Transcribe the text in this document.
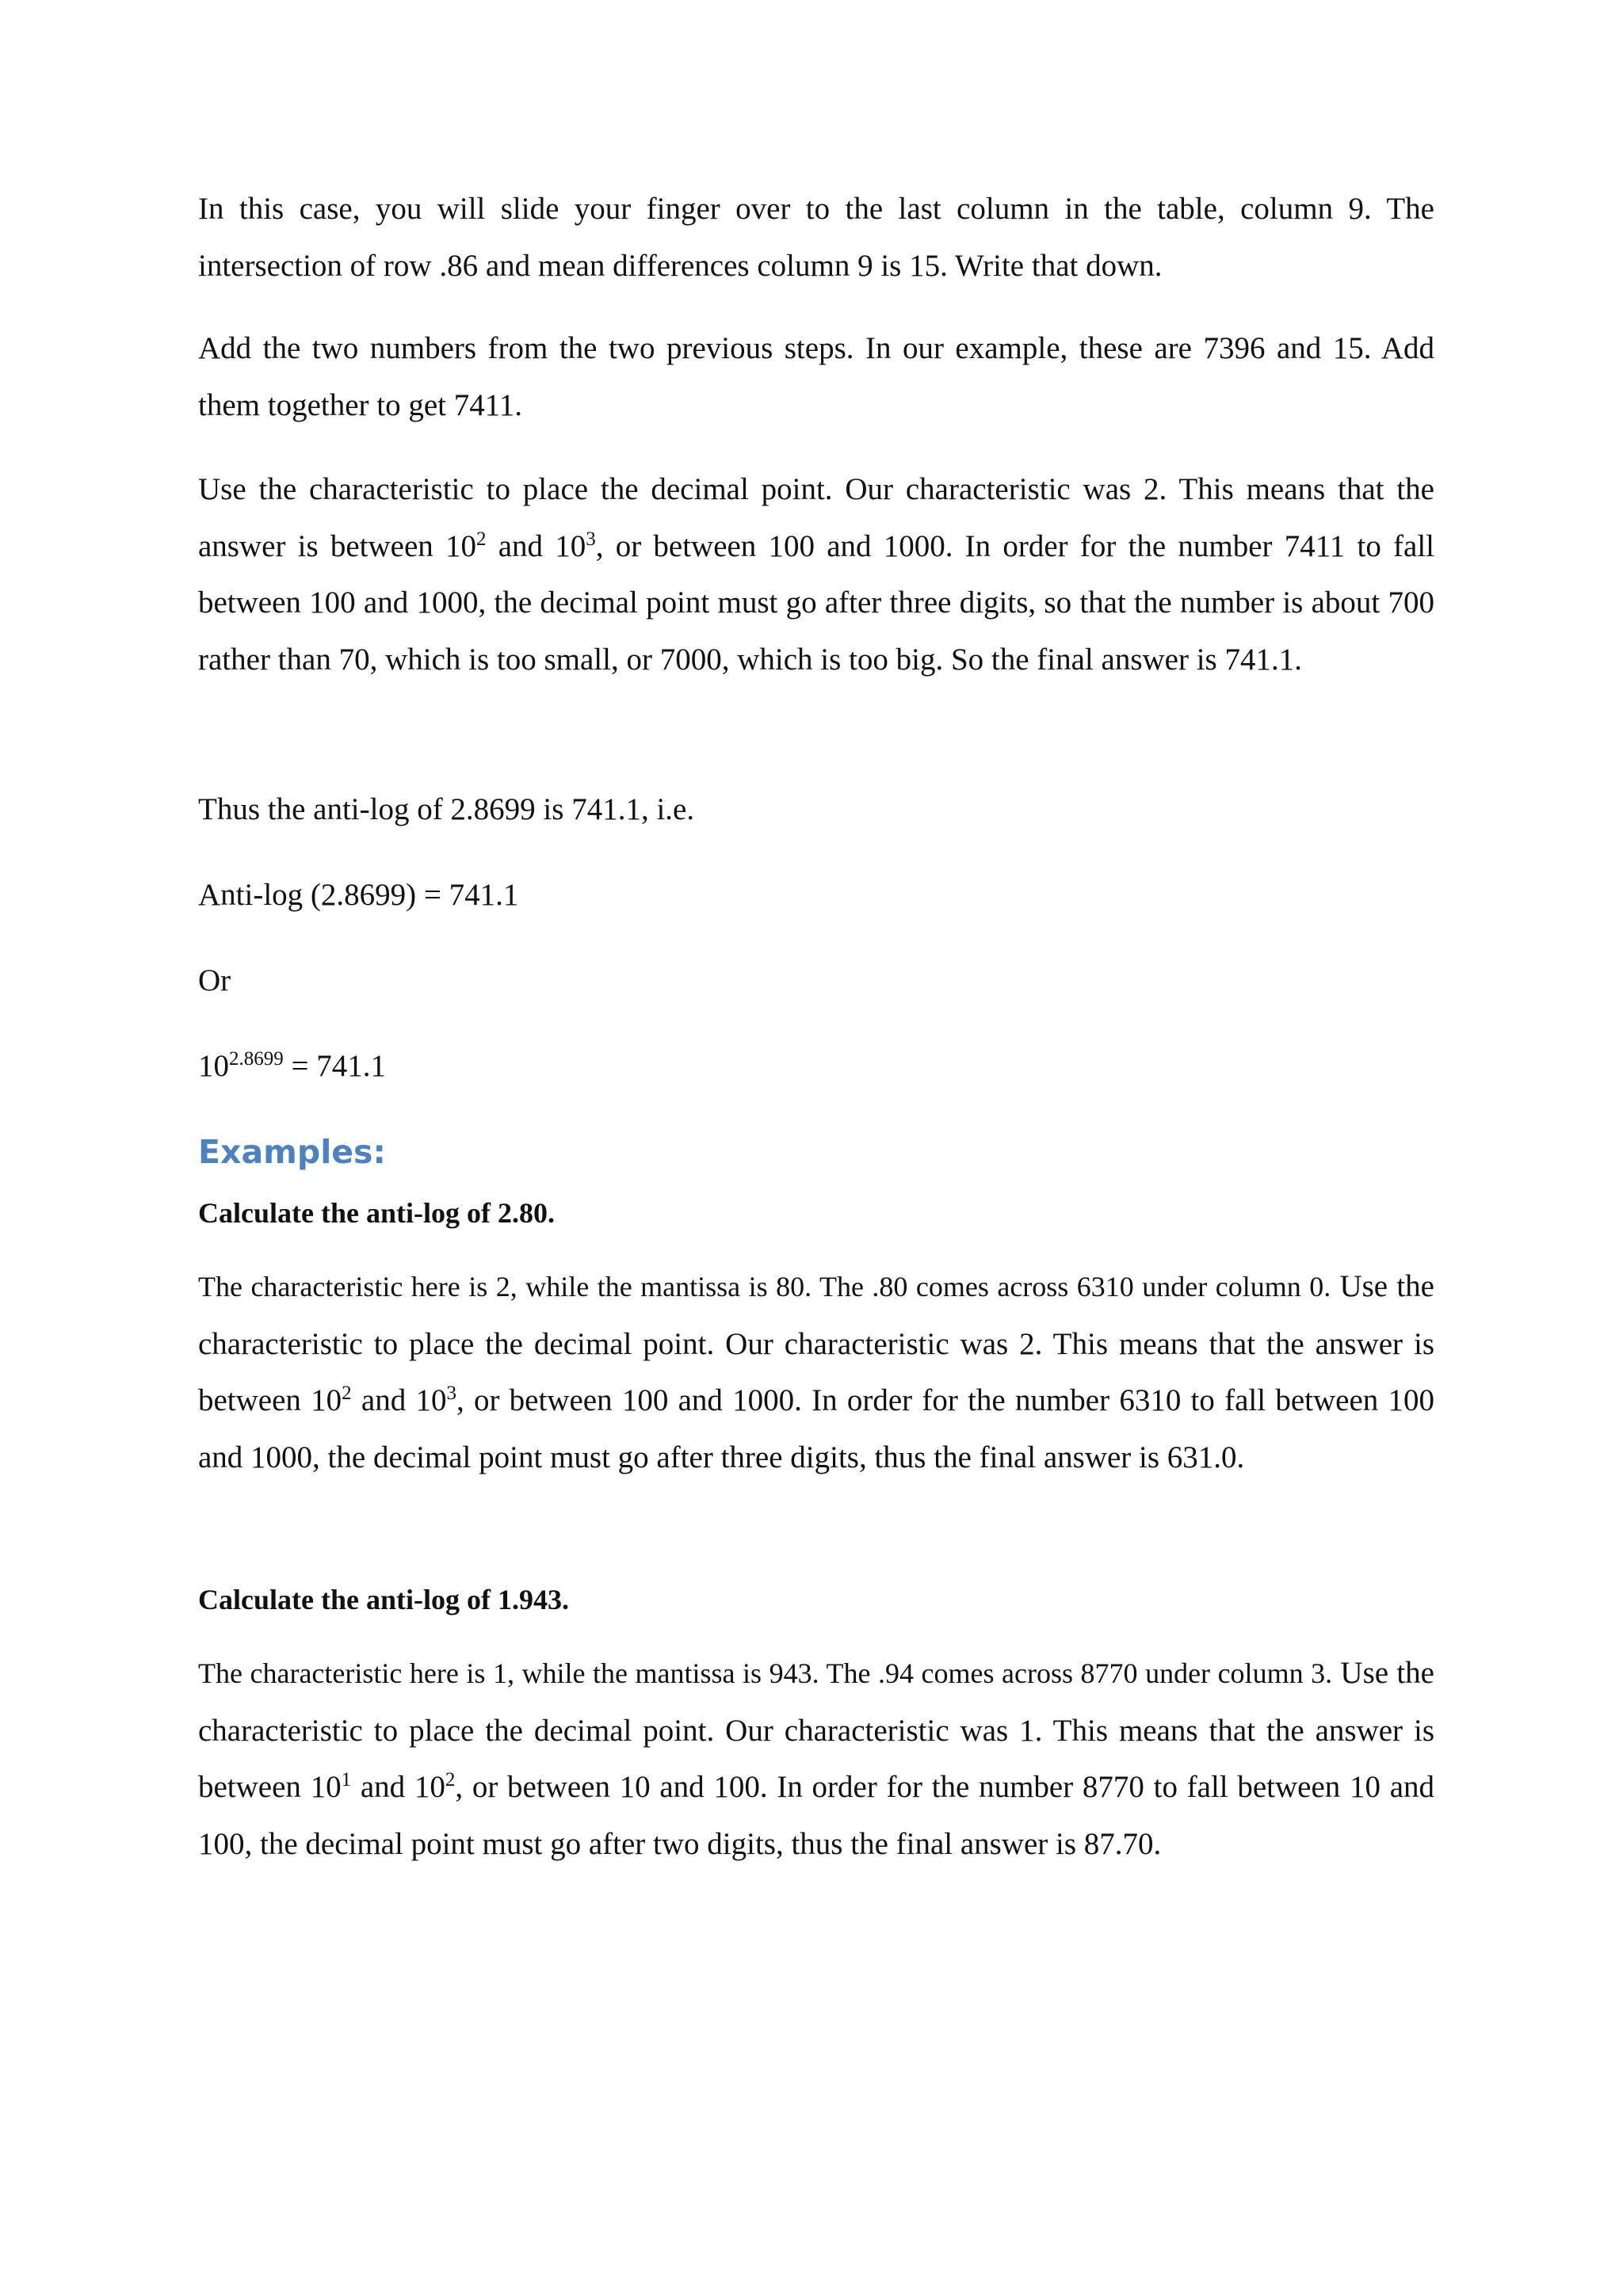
In this case, you will slide your finger over to the last column in the table, column 9. The intersection of row .86 and mean differences column 9 is 15. Write that down.

Add the two numbers from the two previous steps. In our example, these are 7396 and 15. Add them together to get 7411.

Use the characteristic to place the decimal point. Our characteristic was 2. This means that the answer is between $10^2$ and $10^3$, or between 100 and 1000. In order for the number 7411 to fall between 100 and 1000, the decimal point must go after three digits, so that the number is about 700 rather than 70, which is too small, or 7000, which is too big. So the final answer is 741.1.

Thus the anti-log of 2.8699 is 741.1, i.e.

Anti-log (2.8699) = 741.1

Or

$10^{2.8699} = 741.1$

Examples:
Calculate the anti-log of 2.80.

The characteristic here is 2, while the mantissa is 80. The .80 comes across 6310 under column 0. Use the characteristic to place the decimal point. Our characteristic was 2. This means that the answer is between $10^2$ and $10^3$, or between 100 and 1000. In order for the number 6310 to fall between 100 and 1000, the decimal point must go after three digits, thus the final answer is 631.0.

Calculate the anti-log of 1.943.

The characteristic here is 1, while the mantissa is 943. The .94 comes across 8770 under column 3. Use the characteristic to place the decimal point. Our characteristic was 1. This means that the answer is between $10^1$ and $10^2$, or between 10 and 100. In order for the number 8770 to fall between 10 and 100, the decimal point must go after two digits, thus the final answer is 87.70.
